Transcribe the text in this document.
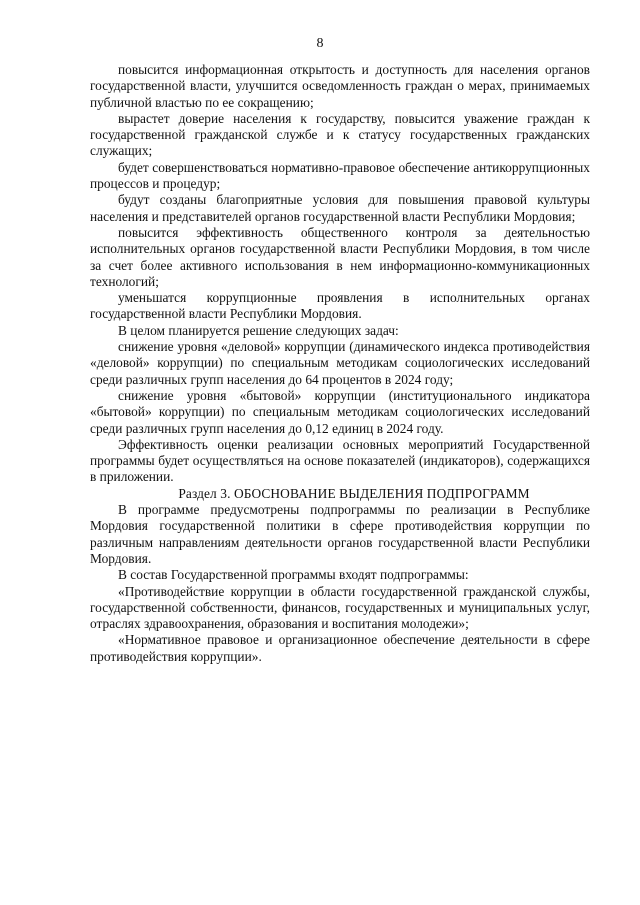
8

повысится информационная открытость и доступность для населения органов государственной власти, улучшится осведомленность граждан о мерах, принимаемых публичной властью по ее сокращению;

вырастет доверие населения к государству, повысится уважение граждан к государственной гражданской службе и к статусу государственных гражданских служащих;

будет совершенствоваться нормативно-правовое обеспечение антикоррупционных процессов и процедур;

будут созданы благоприятные условия для повышения правовой культуры населения и представителей органов государственной власти Республики Мордовия;

повысится эффективность общественного контроля за деятельностью исполнительных органов государственной власти Республики Мордовия, в том числе за счет более активного использования в нем информационно-коммуникационных технологий;

уменьшатся коррупционные проявления в исполнительных органах государственной власти Республики Мордовия.

В целом планируется решение следующих задач:

снижение уровня «деловой» коррупции (динамического индекса противодействия «деловой» коррупции) по специальным методикам социологических исследований среди различных групп населения до 64 процентов в 2024 году;

снижение уровня «бытовой» коррупции (институционального индикатора «бытовой» коррупции) по специальным методикам социологических исследований среди различных групп населения до 0,12 единиц в 2024 году.

Эффективность оценки реализации основных мероприятий Государственной программы будет осуществляться на основе показателей (индикаторов), содержащихся в приложении.

Раздел 3. ОБОСНОВАНИЕ ВЫДЕЛЕНИЯ ПОДПРОГРАММ

В программе предусмотрены подпрограммы по реализации в Республике Мордовия государственной политики в сфере противодействия коррупции по различным направлениям деятельности органов государственной власти Республики Мордовия.

В состав Государственной программы входят подпрограммы:

«Противодействие коррупции в области государственной гражданской службы, государственной собственности, финансов, государственных и муниципальных услуг, отраслях здравоохранения, образования и воспитания молодежи»;

«Нормативное правовое и организационное обеспечение деятельности в сфере противодействия коррупции».
